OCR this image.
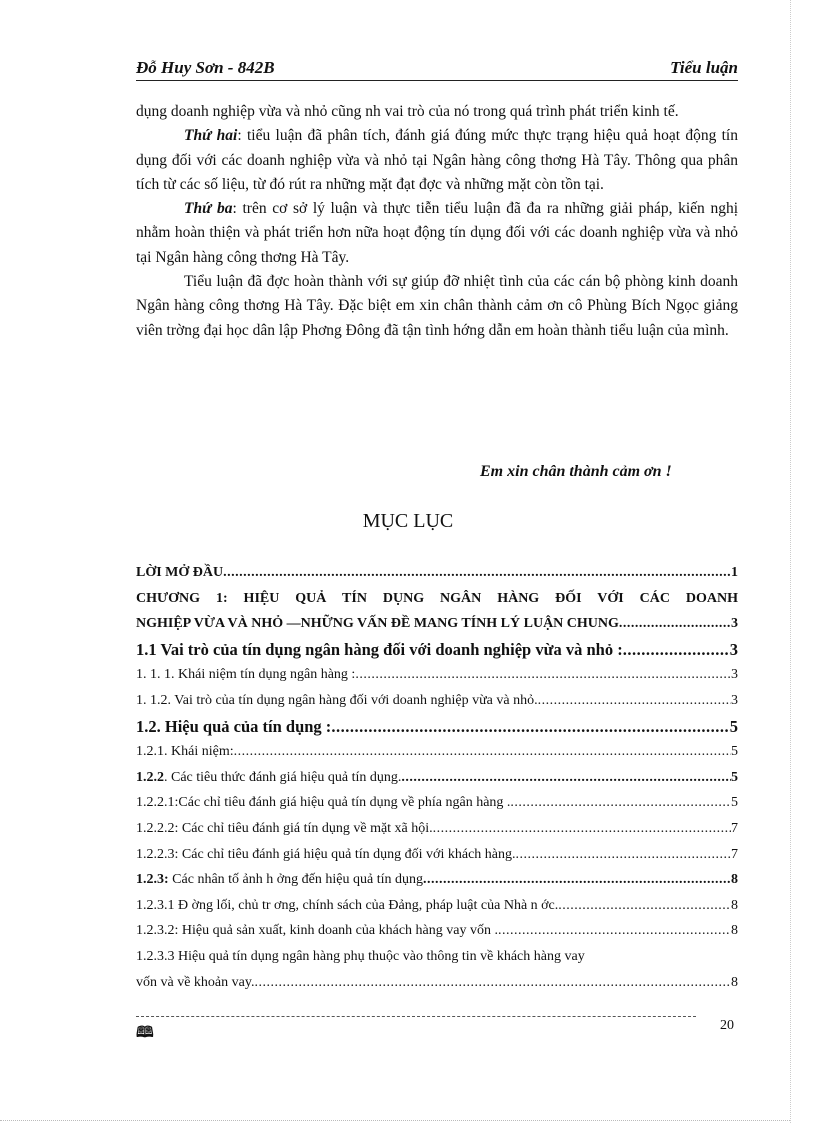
Đỗ Huy Sơn - 842B	Tiểu luận

dụng doanh nghiệp vừa và nhỏ cũng nh vai trò của nó trong quá trình phát triển kinh tế.

Thứ hai: tiểu luận đã phân tích, đánh giá đúng mức thực trạng hiệu quả hoạt động tín dụng đối với các doanh nghiệp vừa và nhỏ tại Ngân hàng công thơng Hà Tây. Thông qua phân tích từ các số liệu, từ đó rút ra những mặt đạt đợc và những mặt còn tồn tại.

Thứ ba: trên cơ sở lý luận và thực tiễn tiểu luận đã đa ra những giải pháp, kiến nghị nhằm hoàn thiện và phát triển hơn nữa hoạt động tín dụng đối với các doanh nghiệp vừa và nhỏ tại Ngân hàng công thơng Hà Tây.

Tiểu luận đã đợc hoàn thành với sự giúp đỡ nhiệt tình của các cán bộ phòng kinh doanh Ngân hàng công thơng Hà Tây. Đặc biệt em xin chân thành cảm ơn cô Phùng Bích Ngọc giảng viên trờng đại học dân lập Phơng Đông đã tận tình hớng dẫn em hoàn thành tiểu luận của mình.

Em xin chân thành cảm ơn !
MỤC LỤC
LỜI MỞ ĐẦU .....	1
CHƯƠNG 1: HIỆU QUẢ TÍN DỤNG NGÂN HÀNG ĐỐI VỚI CÁC DOANH
NGHIỆP VỪA VÀ NHỎ —NHỮNG VẤN ĐỀ MANG TÍNH LÝ LUẬN CHUNG .....	3
1.1 Vai trò của tín dụng ngân hàng đối với doanh nghiệp vừa và nhỏ : .....	3
1. 1. 1. Khái niệm tín dụng ngân hàng : .....	3
1. 1.2. Vai trò của tín dụng ngân hàng đối với doanh nghiệp vừa và nhỏ. .....	3
1.2. Hiệu quả của tín dụng : .....	5
1.2.1. Khái niệm: .....	5
1.2.2. Các tiêu thức đánh giá hiệu quả tín dụng. .....	5
1.2.2.1:Các chỉ tiêu đánh giá hiệu quả tín dụng về phía ngân hàng . .....	5
1.2.2.2: Các chỉ tiêu đánh giá tín dụng về mặt xã hội. .....	7
1.2.2.3: Các chỉ tiêu đánh giá hiệu quả tín dụng đối với khách hàng. .....	7
1.2.3: Các nhân tố ảnh h ởng đến hiệu quả tín dụng .....	8
1.2.3.1 Đ ờng lối, chủ tr ơng, chính sách của Đảng, pháp luật của Nhà n ớc. .....	8
1.2.3.2: Hiệu quả sản xuất, kinh doanh của khách hàng vay vốn . .....	8
1.2.3.3 Hiệu quả tín dụng ngân hàng phụ thuộc vào thông tin về khách hàng vay
vốn và về khoản vay. .....	8
🕮	20
